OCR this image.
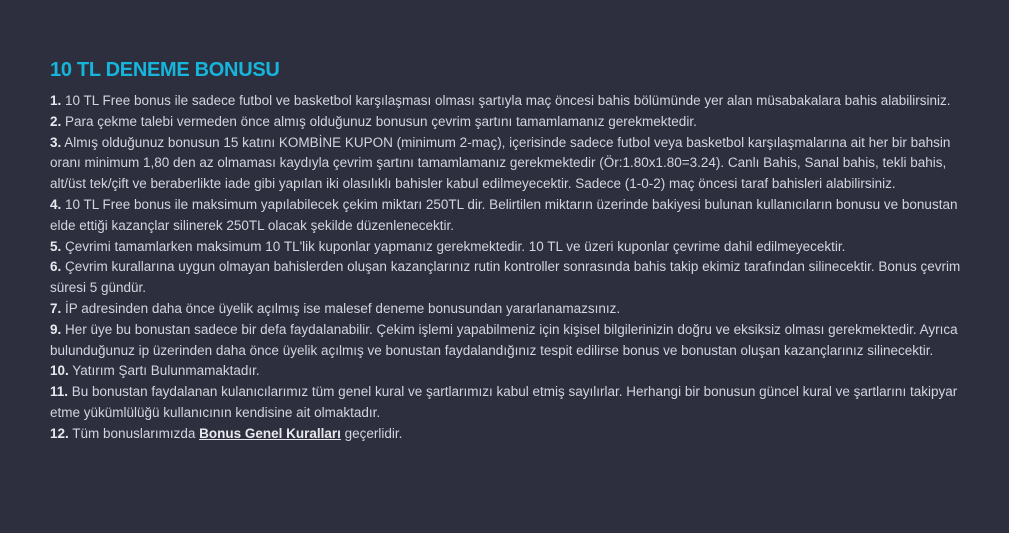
10 TL DENEME BONUSU

1. 10 TL Free bonus ile sadece futbol ve basketbol karşılaşması olması şartıyla maç öncesi bahis bölümünde yer alan müsabakalara bahis alabilirsiniz.

2. Para çekme talebi vermeden önce almış olduğunuz bonusun çevrim şartını tamamlamanız gerekmektedir.

3. Almış olduğunuz bonusun 15 katını KOMBİNE KUPON (minimum 2-maç), içerisinde sadece futbol veya basketbol karşılaşmalarına ait her bir bahsin oranı minimum 1,80 den az olmaması kaydıyla çevrim şartını tamamlamanız gerekmektedir (Ör:1.80x1.80=3.24). Canlı Bahis, Sanal bahis, tekli bahis, alt/üst tek/çift ve beraberlikte iade gibi yapılan iki olasılıklı bahisler kabul edilmeyecektir. Sadece (1-0-2) maç öncesi taraf bahisleri alabilirsiniz.

4. 10 TL Free bonus ile maksimum yapılabilecek çekim miktarı 250TL dir. Belirtilen miktarın üzerinde bakiyesi bulunan kullanıcıların bonusu ve bonustan elde ettiği kazançlar silinerek 250TL olacak şekilde düzenlenecektir.

5. Çevrimi tamamlarken maksimum 10 TL'lik kuponlar yapmanız gerekmektedir. 10 TL ve üzeri kuponlar çevrime dahil edilmeyecektir.

6. Çevrim kurallarına uygun olmayan bahislerden oluşan kazançlarınız rutin kontroller sonrasında bahis takip ekimiz tarafından silinecektir. Bonus çevrim süresi 5 gündür.

7. İP adresinden daha önce üyelik açılmış ise malesef deneme bonusundan yararlanamazsınız.

9. Her üye bu bonustan sadece bir defa faydalanabilir. Çekim işlemi yapabilmeniz için kişisel bilgilerinizin doğru ve eksiksiz olması gerekmektedir. Ayrıca bulunduğunuz ip üzerinden daha önce üyelik açılmış ve bonustan faydalandığınız tespit edilirse bonus ve bonustan oluşan kazançlarınız silinecektir.

10. Yatırım Şartı Bulunmamaktadır.

11. Bu bonustan faydalanan kulanıcılarımız tüm genel kural ve şartlarımızı kabul etmiş sayılırlar. Herhangi bir bonusun güncel kural ve şartlarını takipyar etme yükümlülüğü kullanıcının kendisine ait olmaktadır.

12. Tüm bonuslarımızda Bonus Genel Kuralları geçerlidir.
